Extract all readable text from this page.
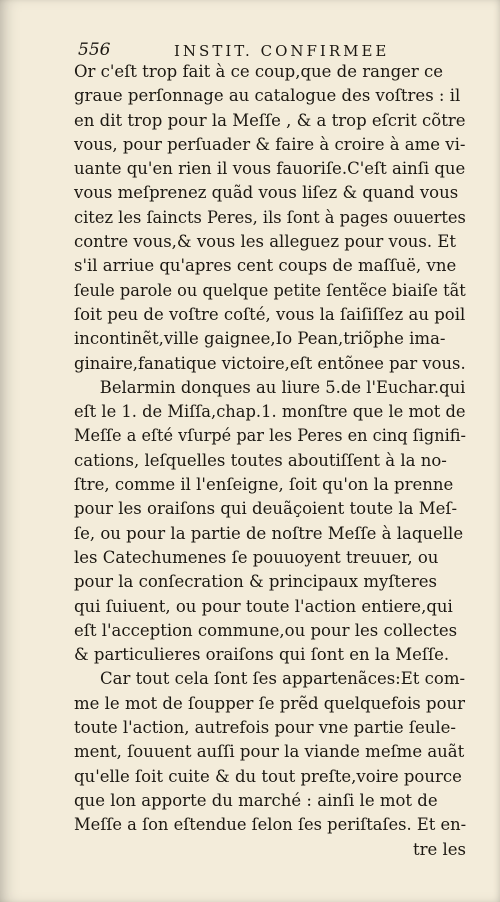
556	INSTIT. CONFIRMEE
Or c'eſt trop fait à ce coup,que de ranger ce
graue perſonnage au catalogue des voſtres : il
en dit trop pour la Meſſe , & a trop eſcrit cõtre
vous, pour perſuader & faire à croire à ame vi-
uante qu'en rien il vous fauoriſe.C'eſt ainſi que
vous meſprenez quãd vous liſez & quand vous
citez les ſaincts Peres, ils ſont à pages ouuertes
contre vous,& vous les alleguez pour vous. Et
s'il arriue qu'apres cent coups de maſſuë, vne
ſeule parole ou quelque petite ſentẽce biaiſe tãt
ſoit peu de voſtre coſté, vous la ſaiſiſſez au poil
incontinẽt,ville gaignee,Io Pean,triõphe ima-
ginaire,fanatique victoire,eſt entõnee par vous.
Belarmin donques au liure 5.de l'Euchar.qui
eſt le 1. de Miſſa,chap.1. monſtre que le mot de
Meſſe a eſté vſurpé par les Peres en cinq ſignifi-
cations, leſquelles toutes aboutiſſent à la no-
ſtre, comme il l'enſeigne, ſoit qu'on la prenne
pour les oraiſons qui deuãçoient toute la Meſ-
ſe, ou pour la partie de noſtre Meſſe à laquelle
les Catechumenes ſe pouuoyent treuuer, ou
pour la conſecration & principaux myſteres
qui ſuiuent, ou pour toute l'action entiere,qui
eſt l'acception commune,ou pour les collectes
& particulieres oraiſons qui ſont en la Meſſe.
Car tout cela ſont ſes appartenãces:Et com-
me le mot de ſoupper ſe prẽd quelquefois pour
toute l'action, autrefois pour vne partie ſeule-
ment, ſouuent auſſi pour la viande meſme auãt
qu'elle ſoit cuite & du tout preſte,voire pource
que lon apporte du marché : ainſi le mot de
Meſſe a ſon eſtendue ſelon ſes periſtaſes. Et en-
tre les
